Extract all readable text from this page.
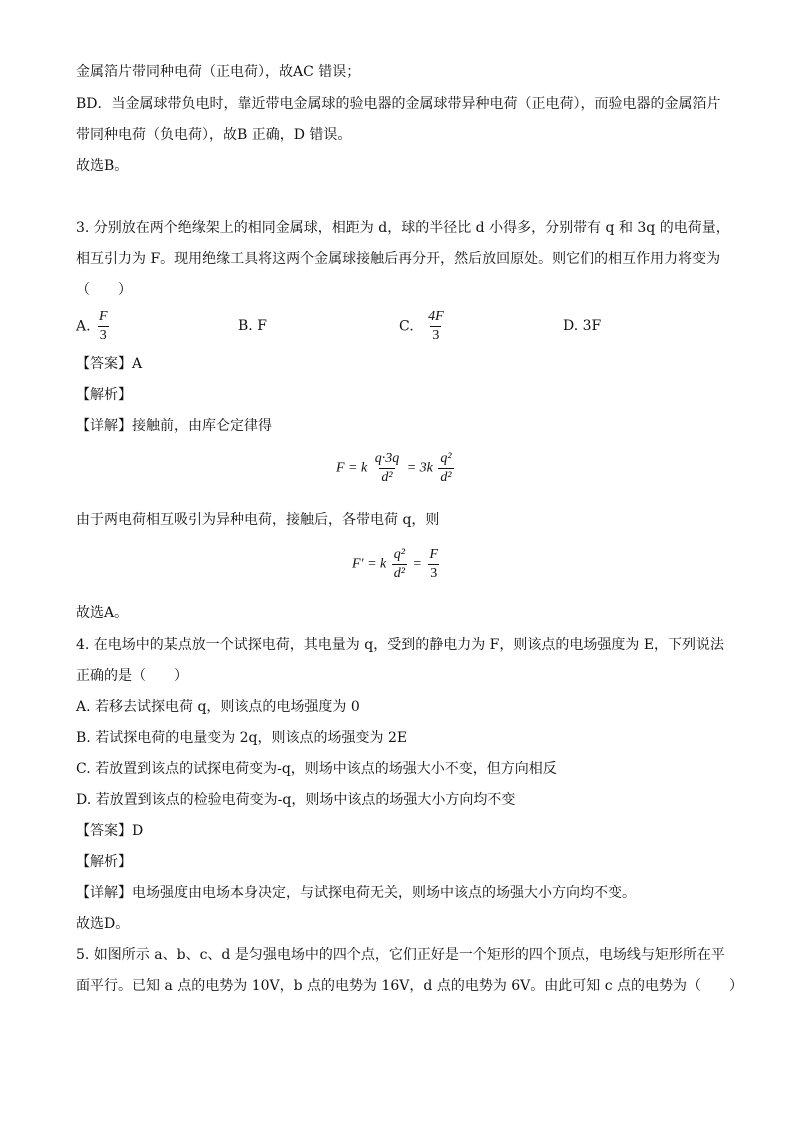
金属箔片带同种电荷（正电荷），故AC 错误；
BD．当金属球带负电时，靠近带电金属球的验电器的金属球带异种电荷（正电荷），而验电器的金属箔片
带同种电荷（负电荷），故B 正确，D 错误。
故选B。
3. 分别放在两个绝缘架上的相同金属球，相距为 d，球的半径比 d 小得多，分别带有 q 和 3q 的电荷量，
相互引力为 F。现用绝缘工具将这两个金属球接触后再分开，然后放回原处。则它们的相互作用力将变为
（　　）
A. $\frac{F}{3}$	B. F	C. $\frac{4F}{3}$	D. 3F
【答案】A
【解析】
【详解】接触前，由库仑定律得
F = k $\frac{q\cdot 3q}{\text{d²}} = 3k \frac{\text{q²}}{\text{d²}}$
由于两电荷相互吸引为异种电荷，接触后，各带电荷 q，则
F′ = k $\frac{\text{q²}}{\text{d²}} = \frac{F}{3}$
故选A。
4. 在电场中的某点放一个试探电荷，其电量为 q，受到的静电力为 F，则该点的电场强度为 E，下列说法
正确的是（　　）
A. 若移去试探电荷 q，则该点的电场强度为 0
B. 若试探电荷的电量变为 2q，则该点的场强变为 2E
C. 若放置到该点的试探电荷变为-q，则场中该点的场强大小不变，但方向相反
D. 若放置到该点的检验电荷变为-q，则场中该点的场强大小方向均不变
【答案】D
【解析】
【详解】电场强度由电场本身决定，与试探电荷无关，则场中该点的场强大小方向均不变。
故选D。
5. 如图所示 a、b、c、d 是匀强电场中的四个点，它们正好是一个矩形的四个顶点，电场线与矩形所在平
面平行。已知 a 点的电势为 10V，b 点的电势为 16V，d 点的电势为 6V。由此可知 c 点的电势为（　　）
